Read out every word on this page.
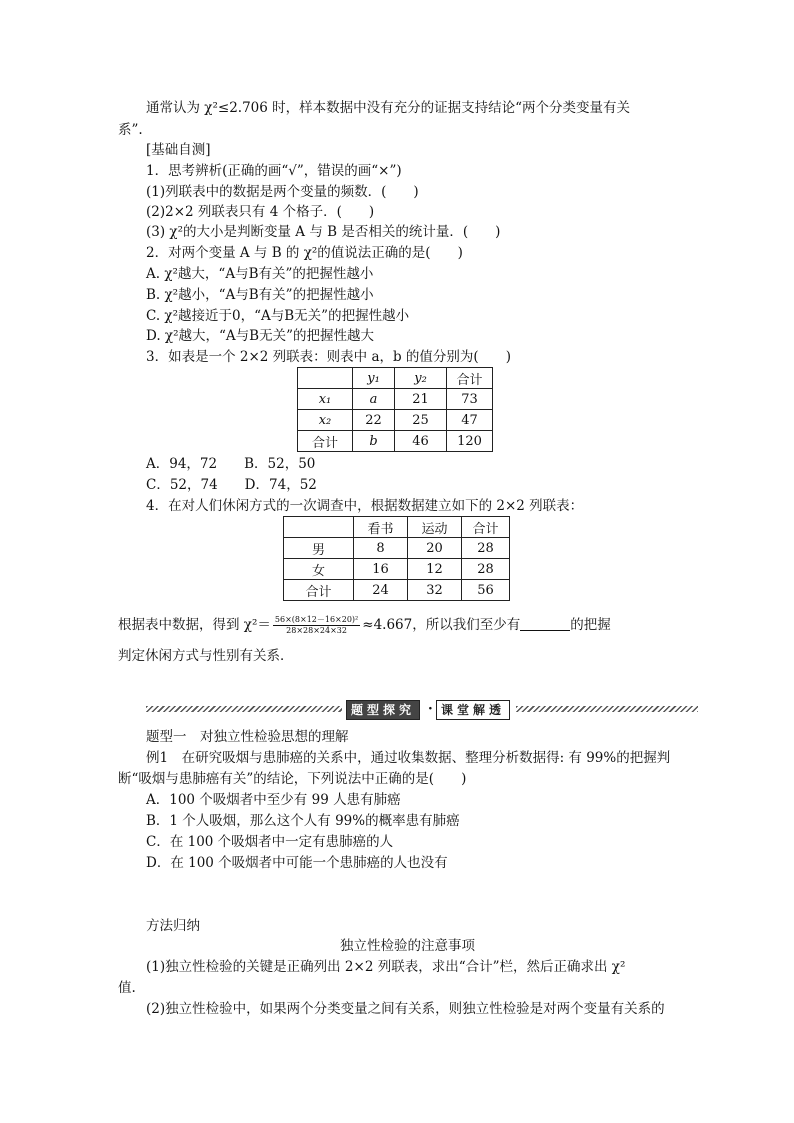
通常认为 χ²≤2.706 时，样本数据中没有充分的证据支持结论“两个分类变量有关
系”.
[基础自测]
1．思考辨析(正确的画“√”，错误的画“×”)
(1)列联表中的数据是两个变量的频数．(　　)
(2)2×2 列联表只有 4 个格子．(　　)
(3) χ²的大小是判断变量 A 与 B 是否相关的统计量．(　　)
2．对两个变量 A 与 B 的 χ²的值说法正确的是(　　)
A. χ²越大，“A与B有关”的把握性越小
B. χ²越小，“A与B有关”的把握性越小
C. χ²越接近于0，“A与B无关”的把握性越小
D. χ²越大，“A与B无关”的把握性越大
3．如表是一个 2×2 列联表：则表中 a，b 的值分别为(　　)
	y₁	y₂	合计
x₁	a	21	73
x₂	22	25	47
合计	b	46	120
A．94，72　　B．52，50
C．52，74　　D．74，52
4．在对人们休闲方式的一次调查中，根据数据建立如下的 2×2 列联表：
	看书	运动	合计
男	8	20	28
女	16	12	28
合计	24	32	56
根据表中数据，得到 $\chi^2= \frac{\text{56×(8×12－16×20)²}}{28\times 28\times 24\times 32} \approx 4.667$，所以我们至少有	的把握
判定休闲方式与性别有关系．
题型探究 · 课堂解透
题型一　对独立性检验思想的理解
例1　在研究吸烟与患肺癌的关系中，通过收集数据、整理分析数据得: 有 99%的把握判
断“吸烟与患肺癌有关”的结论，下列说法中正确的是(　　)
A．100 个吸烟者中至少有 99 人患有肺癌
B．1 个人吸烟，那么这个人有 99%的概率患有肺癌
C．在 100 个吸烟者中一定有患肺癌的人
D．在 100 个吸烟者中可能一个患肺癌的人也没有
方法归纳
独立性检验的注意事项
(1)独立性检验的关键是正确列出 2×2 列联表，求出“合计”栏，然后正确求出 χ²
值.
(2)独立性检验中，如果两个分类变量之间有关系，则独立性检验是对两个变量有关系的
